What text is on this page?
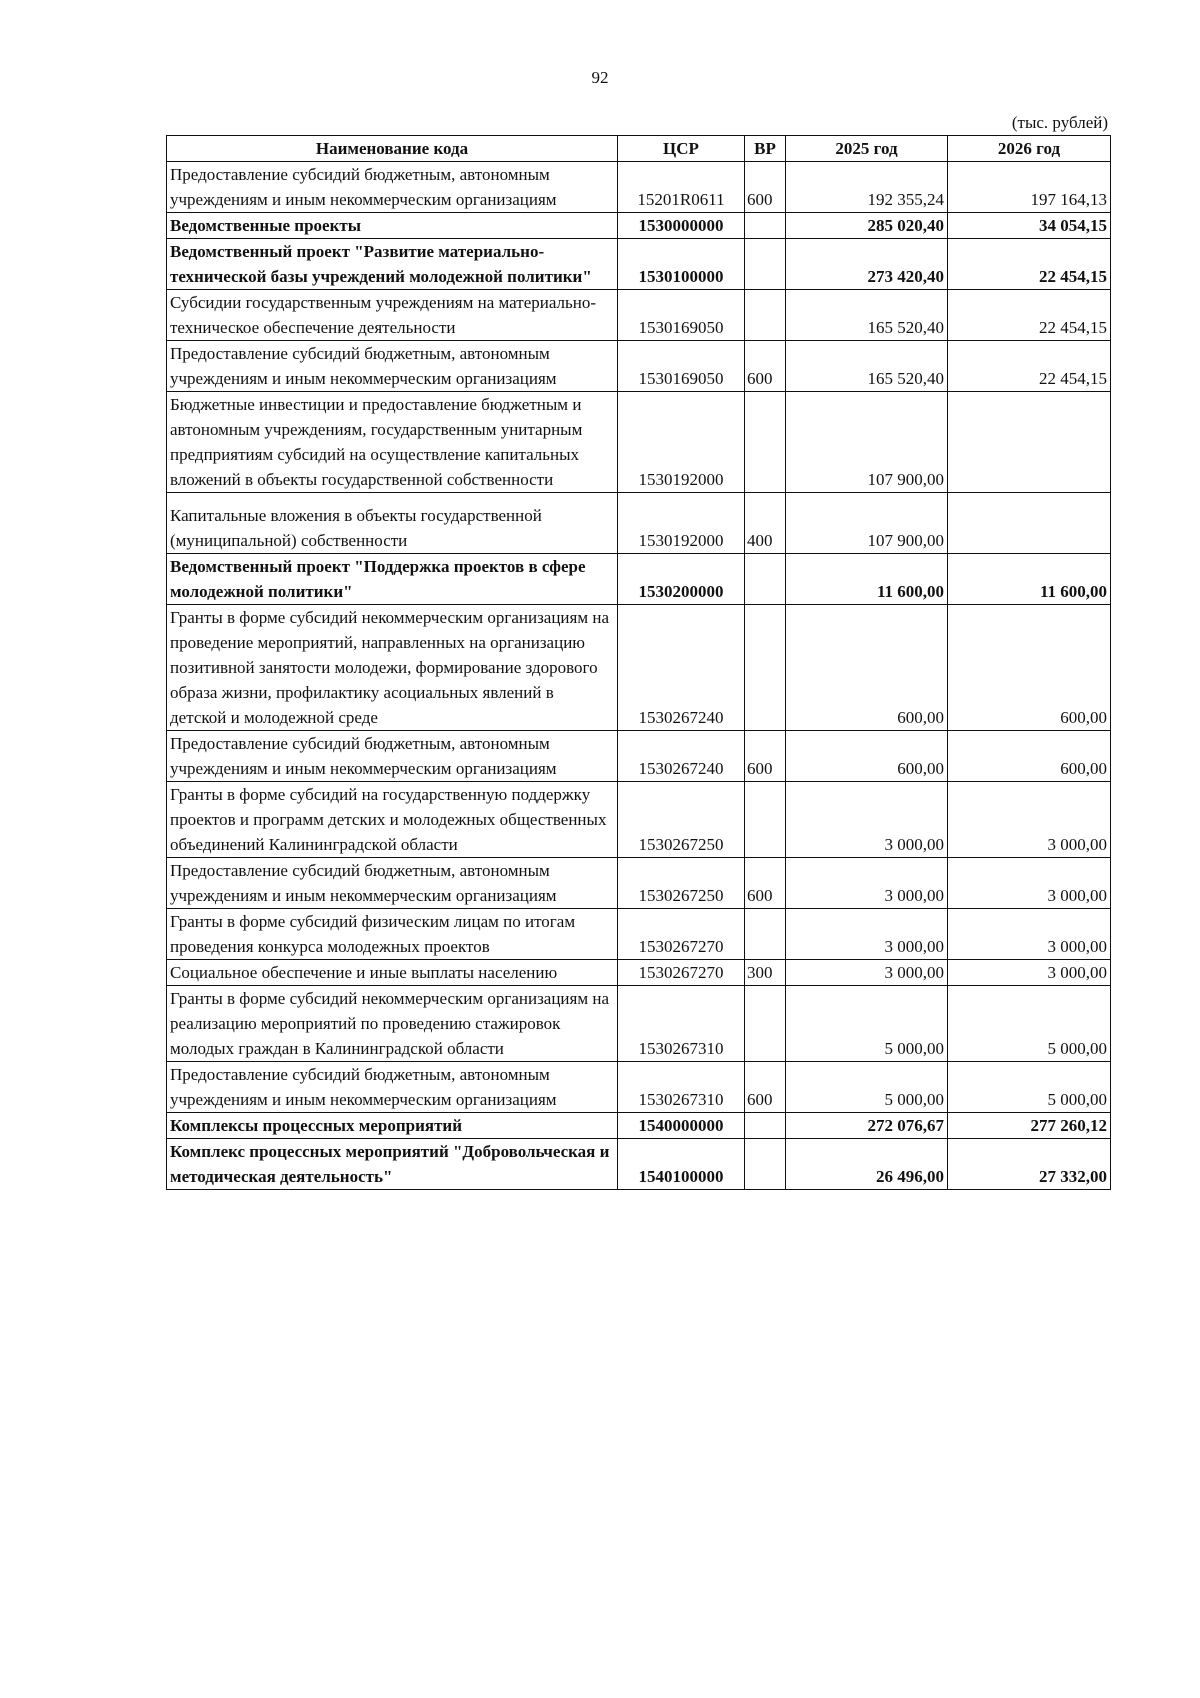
92
(тыс. рублей)
Наименование кода	ЦСР	ВР	2025 год	2026 год
Предоставление субсидий бюджетным, автономным учреждениям и иным некоммерческим организациям	15201R0611	600	192 355,24	197 164,13
Ведомственные проекты	1530000000		285 020,40	34 054,15
Ведомственный проект "Развитие материально-технической базы учреждений молодежной политики"	1530100000		273 420,40	22 454,15
Субсидии государственным учреждениям на материально-техническое обеспечение деятельности	1530169050		165 520,40	22 454,15
Предоставление субсидий бюджетным, автономным учреждениям и иным некоммерческим организациям	1530169050	600	165 520,40	22 454,15
Бюджетные инвестиции и предоставление бюджетным и автономным учреждениям, государственным унитарным предприятиям субсидий на осуществление капитальных вложений в объекты государственной собственности	1530192000		107 900,00	
Капитальные вложения в объекты государственной (муниципальной) собственности	1530192000	400	107 900,00	
Ведомственный проект "Поддержка проектов в сфере молодежной политики"	1530200000		11 600,00	11 600,00
Гранты в форме субсидий некоммерческим организациям на проведение мероприятий, направленных на организацию позитивной занятости молодежи, формирование здорового образа жизни, профилактику асоциальных явлений в детской и молодежной среде	1530267240		600,00	600,00
Предоставление субсидий бюджетным, автономным учреждениям и иным некоммерческим организациям	1530267240	600	600,00	600,00
Гранты в форме субсидий на государственную поддержку проектов и программ детских и молодежных общественных объединений Калининградской области	1530267250		3 000,00	3 000,00
Предоставление субсидий бюджетным, автономным учреждениям и иным некоммерческим организациям	1530267250	600	3 000,00	3 000,00
Гранты в форме субсидий физическим лицам по итогам проведения конкурса молодежных проектов	1530267270		3 000,00	3 000,00
Социальное обеспечение и иные выплаты населению	1530267270	300	3 000,00	3 000,00
Гранты в форме субсидий некоммерческим организациям на реализацию мероприятий по проведению стажировок молодых граждан в Калининградской области	1530267310		5 000,00	5 000,00
Предоставление субсидий бюджетным, автономным учреждениям и иным некоммерческим организациям	1530267310	600	5 000,00	5 000,00
Комплексы процессных мероприятий	1540000000		272 076,67	277 260,12
Комплекс процессных мероприятий "Добровольческая и методическая деятельность"	1540100000		26 496,00	27 332,00
